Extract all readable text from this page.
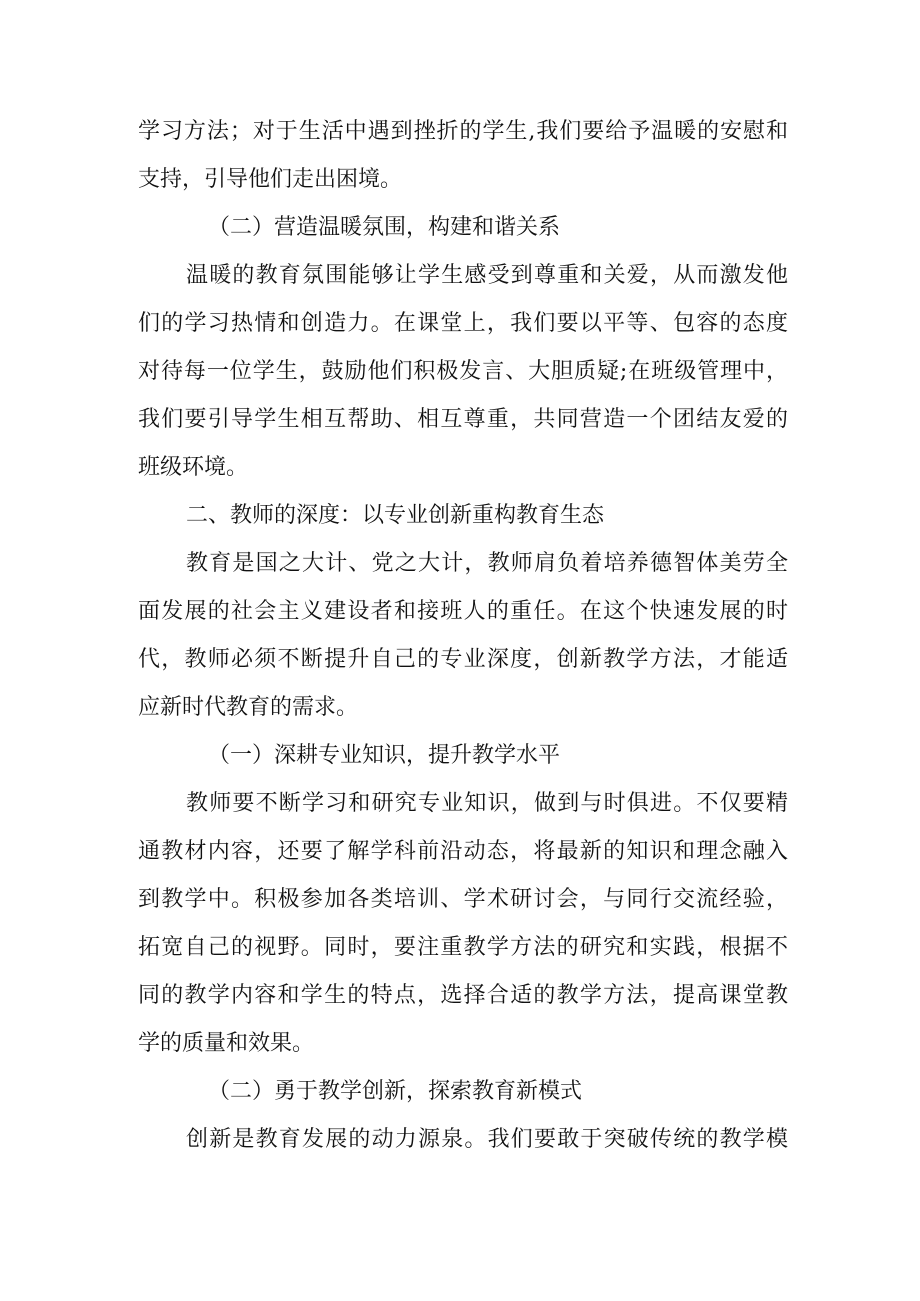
学习方法；对于生活中遇到挫折的学生,我们要给予温暖的安慰和
支持，引导他们走出困境。
（二）营造温暖氛围，构建和谐关系
温暖的教育氛围能够让学生感受到尊重和关爱，从而激发他
们的学习热情和创造力。在课堂上，我们要以平等、包容的态度
对待每一位学生，鼓励他们积极发言、大胆质疑;在班级管理中，
我们要引导学生相互帮助、相互尊重，共同营造一个团结友爱的
班级环境。
二、教师的深度：以专业创新重构教育生态
教育是国之大计、党之大计，教师肩负着培养德智体美劳全
面发展的社会主义建设者和接班人的重任。在这个快速发展的时
代，教师必须不断提升自己的专业深度，创新教学方法，才能适
应新时代教育的需求。
（一）深耕专业知识，提升教学水平
教师要不断学习和研究专业知识，做到与时俱进。不仅要精
通教材内容，还要了解学科前沿动态，将最新的知识和理念融入
到教学中。积极参加各类培训、学术研讨会，与同行交流经验，
拓宽自己的视野。同时，要注重教学方法的研究和实践，根据不
同的教学内容和学生的特点，选择合适的教学方法，提高课堂教
学的质量和效果。
（二）勇于教学创新，探索教育新模式
创新是教育发展的动力源泉。我们要敢于突破传统的教学模
